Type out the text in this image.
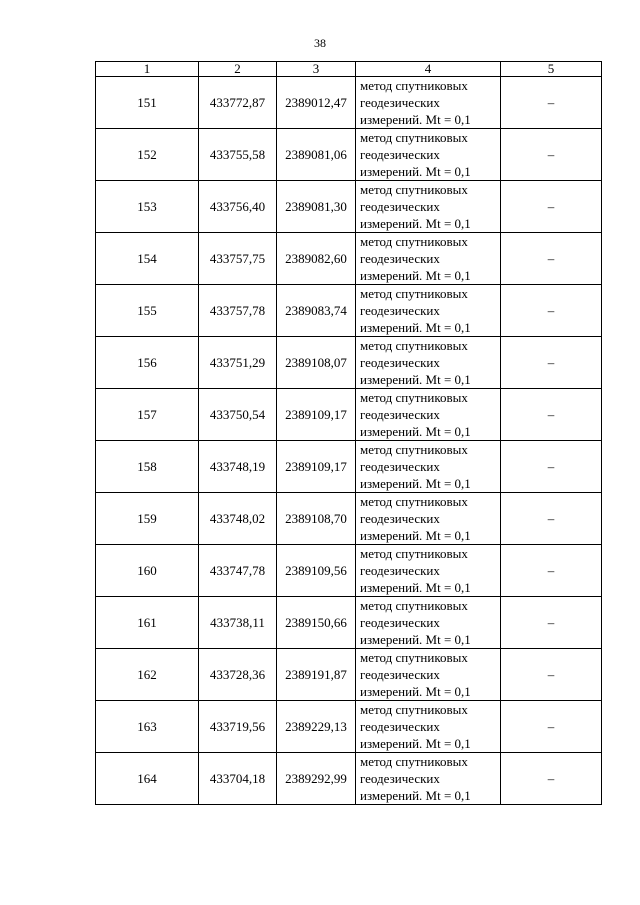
38
1	2	3	4	5
151	433772,87	2389012,47	метод спутниковых
геодезических
измерений. Mt = 0,1	–
152	433755,58	2389081,06	метод спутниковых
геодезических
измерений. Mt = 0,1	–
153	433756,40	2389081,30	метод спутниковых
геодезических
измерений. Mt = 0,1	–
154	433757,75	2389082,60	метод спутниковых
геодезических
измерений. Mt = 0,1	–
155	433757,78	2389083,74	метод спутниковых
геодезических
измерений. Mt = 0,1	–
156	433751,29	2389108,07	метод спутниковых
геодезических
измерений. Mt = 0,1	–
157	433750,54	2389109,17	метод спутниковых
геодезических
измерений. Mt = 0,1	–
158	433748,19	2389109,17	метод спутниковых
геодезических
измерений. Mt = 0,1	–
159	433748,02	2389108,70	метод спутниковых
геодезических
измерений. Mt = 0,1	–
160	433747,78	2389109,56	метод спутниковых
геодезических
измерений. Mt = 0,1	–
161	433738,11	2389150,66	метод спутниковых
геодезических
измерений. Mt = 0,1	–
162	433728,36	2389191,87	метод спутниковых
геодезических
измерений. Mt = 0,1	–
163	433719,56	2389229,13	метод спутниковых
геодезических
измерений. Mt = 0,1	–
164	433704,18	2389292,99	метод спутниковых
геодезических
измерений. Mt = 0,1	–
